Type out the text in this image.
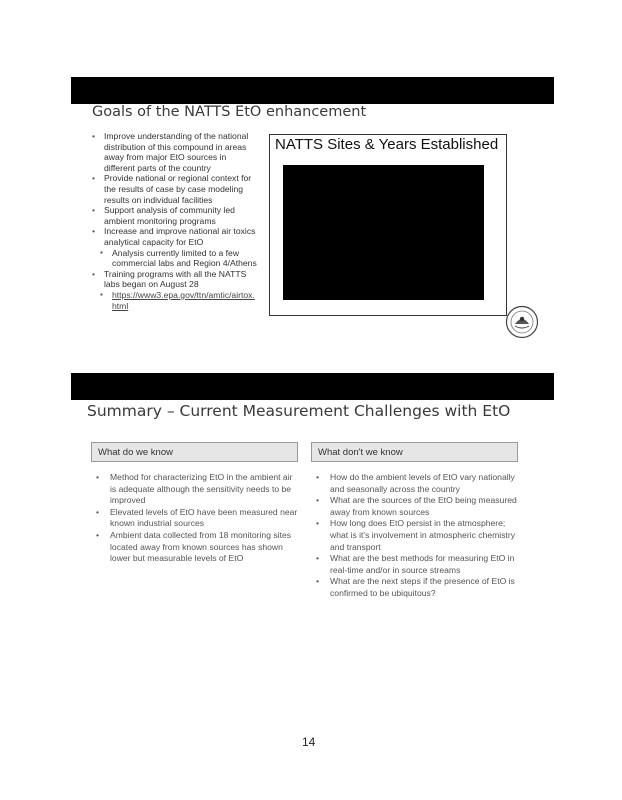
Goals of the NATTS EtO enhancement
• Improve understanding of the national distribution of this compound in areas away from major EtO sources in different parts of the country
• Provide national or regional context for the results of case by case modeling results on individual facilities
• Support analysis of community led ambient monitoring programs
• Increase and improve national air toxics analytical capacity for EtO
▪ Analysis currently limited to a few commercial labs and Region 4/Athens
• Training programs with all the NATTS labs began on August 28
▪ https://www3.epa.gov/ttn/amtic/airtox.html
NATTS Sites & Years Established
Summary – Current Measurement Challenges with EtO
What do we know	What don't we know
• Method for characterizing EtO in the ambient air is adequate although the sensitivity needs to be improved
• Elevated levels of EtO have been measured near known industrial sources
• Ambient data collected from 18 monitoring sites located away from known sources has shown lower but measurable levels of EtO
• How do the ambient levels of EtO vary nationally and seasonally across the country
• What are the sources of the EtO being measured away from known sources
• How long does EtO persist in the atmosphere; what is it's involvement in atmospheric chemistry and transport
• What are the best methods for measuring EtO in real-time and/or in source streams
• What are the next steps if the presence of EtO is confirmed to be ubiquitous?
14
